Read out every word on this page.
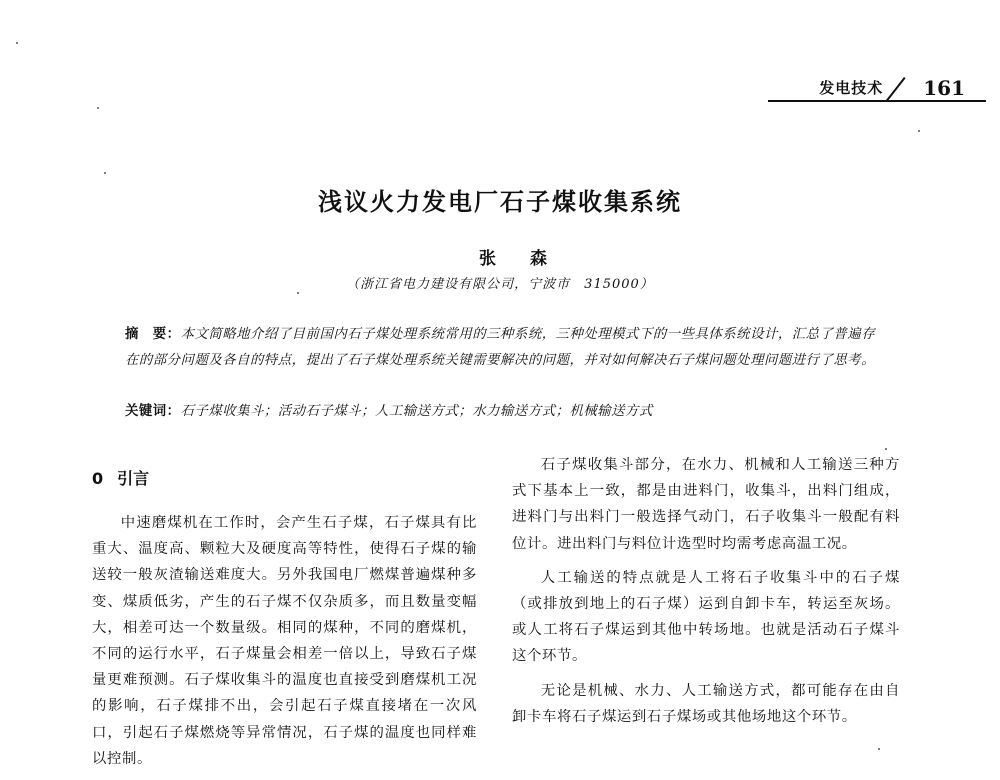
发电技术 161
浅议火力发电厂石子煤收集系统
张 森
（浙江省电力建设有限公司，宁波市　315000）
摘　要：本文简略地介绍了目前国内石子煤处理系统常用的三种系统，三种处理模式下的一些具体系统设计，汇总了普遍存在的部分问题及各自的特点，提出了石子煤处理系统关键需要解决的问题，并对如何解决石子煤问题处理问题进行了思考。
关键词：石子煤收集斗；活动石子煤斗；人工输送方式；水力输送方式；机械输送方式
0 引言

中速磨煤机在工作时，会产生石子煤，石子煤具有比重大、温度高、颗粒大及硬度高等特性，使得石子煤的输送较一般灰渣输送难度大。另外我国电厂燃煤普遍煤种多变、煤质低劣，产生的石子煤不仅杂质多，而且数量变幅大，相差可达一个数量级。相同的煤种，不同的磨煤机，不同的运行水平，石子煤量会相差一倍以上，导致石子煤量更难预测。石子煤收集斗的温度也直接受到磨煤机工况的影响，石子煤排不出，会引起石子煤直接堵在一次风口，引起石子煤燃烧等异常情况，石子煤的温度也同样难以控制。

石子煤收集斗部分，在水力、机械和人工输送三种方式下基本上一致，都是由进料门，收集斗，出料门组成，进料门与出料门一般选择气动门，石子收集斗一般配有料位计。进出料门与料位计选型时均需考虑高温工况。

人工输送的特点就是人工将石子收集斗中的石子煤（或排放到地上的石子煤）运到自卸卡车，转运至灰场。或人工将石子煤运到其他中转场地。也就是活动石子煤斗这个环节。

无论是机械、水力、人工输送方式，都可能存在由自卸卡车将石子煤运到石子煤场或其他场地这个环节。
